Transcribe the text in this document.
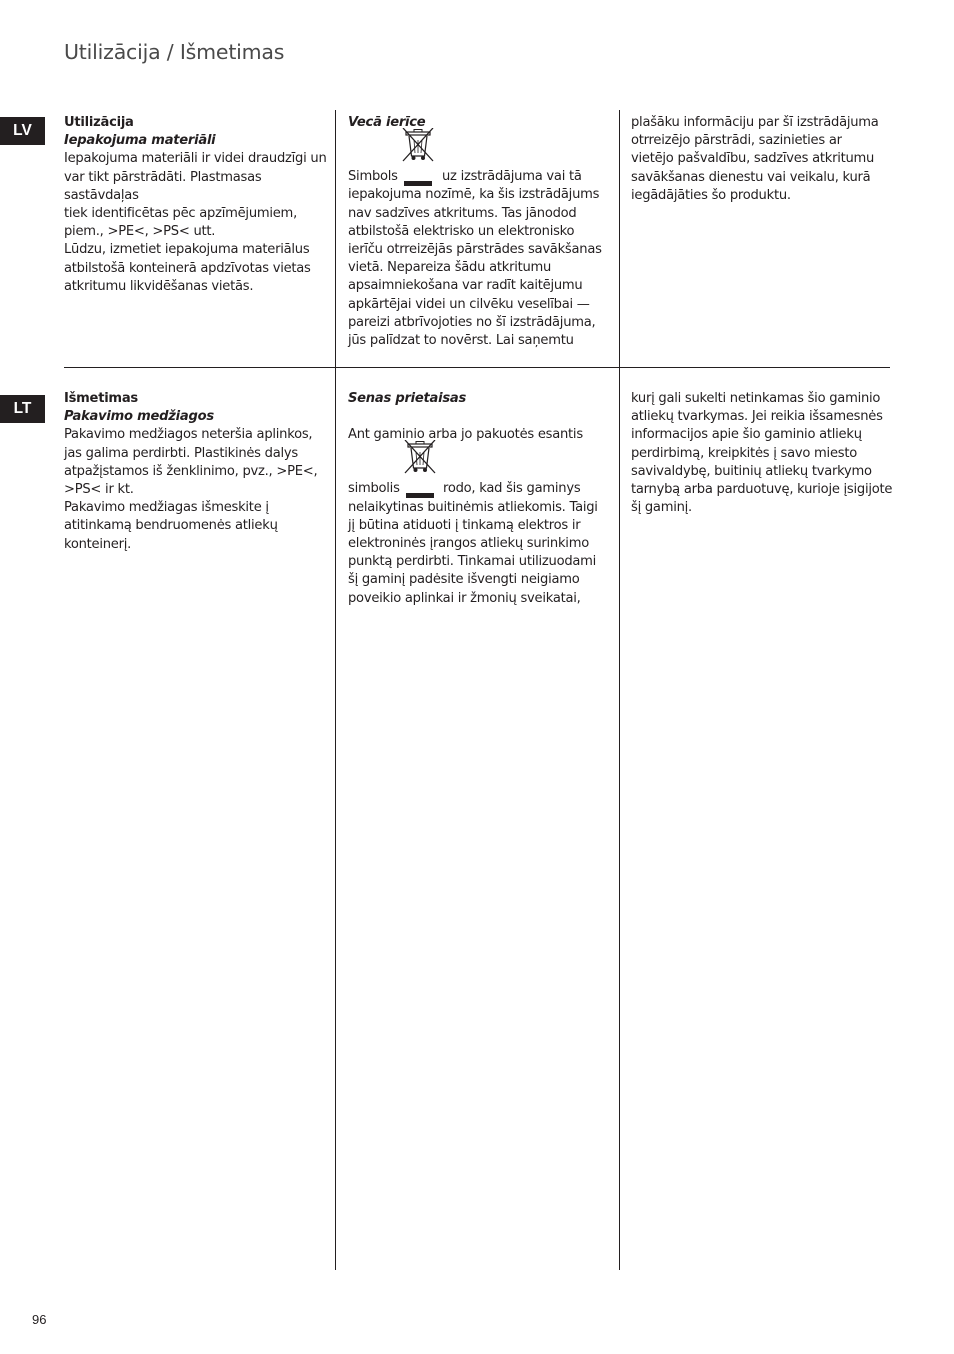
Utilizācija / Išmetimas
LV
LT

Utilizācija

Iepakojuma materiāli

Iepakojuma materiāli ir videi draudzīgi un

var tikt pārstrādāti. Plastmasas sastāvdaļas

tiek identificētas pēc apzīmējumiem,

piem., >PE<, >PS< utt.

Lūdzu, izmetiet iepakojuma materiālus

atbilstošā konteinerā apdzīvotas vietas

atkritumu likvidēšanas vietās.

Vecā ierīce

Simbols	uz izstrādājuma vai tā

iepakojuma nozīmē, ka šis izstrādājums

nav sadzīves atkritums. Tas jānodod

atbilstošā elektrisko un elektronisko

ierīču otrreizējās pārstrādes savākšanas

vietā. Nepareiza šādu atkritumu

apsaimniekošana var radīt kaitējumu

apkārtējai videi un cilvēku veselībai —

pareizi atbrīvojoties no šī izstrādājuma,

jūs palīdzat to novērst. Lai saņemtu

plašāku informāciju par šī izstrādājuma

otrreizējo pārstrādi, sazinieties ar

vietējo pašvaldību, sadzīves atkritumu

savākšanas dienestu vai veikalu, kurā

iegādājāties šo produktu.

Išmetimas

Pakavimo medžiagos

Pakavimo medžiagos neteršia aplinkos,

jas galima perdirbti. Plastikinės dalys

atpažįstamos iš ženklinimo, pvz., >PE<,

>PS< ir kt.

Pakavimo medžiagas išmeskite į

atitinkamą bendruomenės atliekų

konteinerį.

Senas prietaisas

Ant gaminio arba jo pakuotės esantis

simbolis	rodo, kad šis gaminys

nelaikytinas buitinėmis atliekomis. Taigi

jį būtina atiduoti į tinkamą elektros ir

elektroninės įrangos atliekų surinkimo

punktą perdirbti. Tinkamai utilizuodami

šį gaminį padėsite išvengti neigiamo

poveikio aplinkai ir žmonių sveikatai,

kurį gali sukelti netinkamas šio gaminio

atliekų tvarkymas. Jei reikia išsamesnės

informacijos apie šio gaminio atliekų

perdirbimą, kreipkitės į savo miesto

savivaldybę, buitinių atliekų tvarkymo

tarnybą arba parduotuvę, kurioje įsigijote

šį gaminį.

96
